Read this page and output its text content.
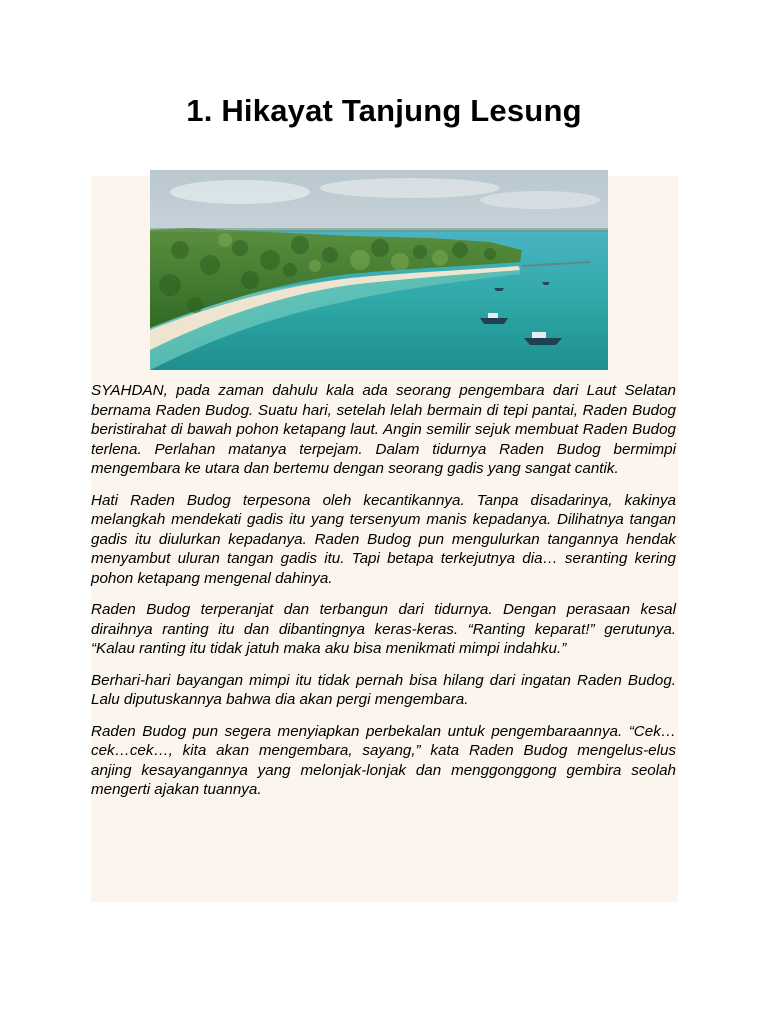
1. Hikayat Tanjung Lesung

SYAHDAN, pada zaman dahulu kala ada seorang pengembara dari Laut Selatan bernama Raden Budog. Suatu hari, setelah lelah bermain di tepi pantai, Raden Budog beristirahat di bawah pohon ketapang laut. Angin semilir sejuk membuat Raden Budog terlena. Perlahan matanya terpejam. Dalam tidurnya Raden Budog bermimpi mengembara ke utara dan bertemu dengan seorang gadis yang sangat cantik.

Hati Raden Budog terpesona oleh kecantikannya. Tanpa disadarinya, kakinya melangkah mendekati gadis itu yang tersenyum manis kepadanya. Dilihatnya tangan gadis itu diulurkan kepadanya. Raden Budog pun mengulurkan tangannya hendak menyambut uluran tangan gadis itu. Tapi betapa terkejutnya dia… seranting kering pohon ketapang mengenal dahinya.

Raden Budog terperanjat dan terbangun dari tidurnya. Dengan perasaan kesal diraihnya ranting itu dan dibantingnya keras-keras. “Ranting keparat!” gerutunya. “Kalau ranting itu tidak jatuh maka aku bisa menikmati mimpi indahku.”

Berhari-hari bayangan mimpi itu tidak pernah bisa hilang dari ingatan Raden Budog. Lalu diputuskannya bahwa dia akan pergi mengembara.

Raden Budog pun segera menyiapkan perbekalan untuk pengembaraannya. “Cek…cek…cek…, kita akan mengembara, sayang,” kata Raden Budog mengelus-elus anjing kesayangannya yang melonjak-lonjak dan menggonggong gembira seolah mengerti ajakan tuannya.
